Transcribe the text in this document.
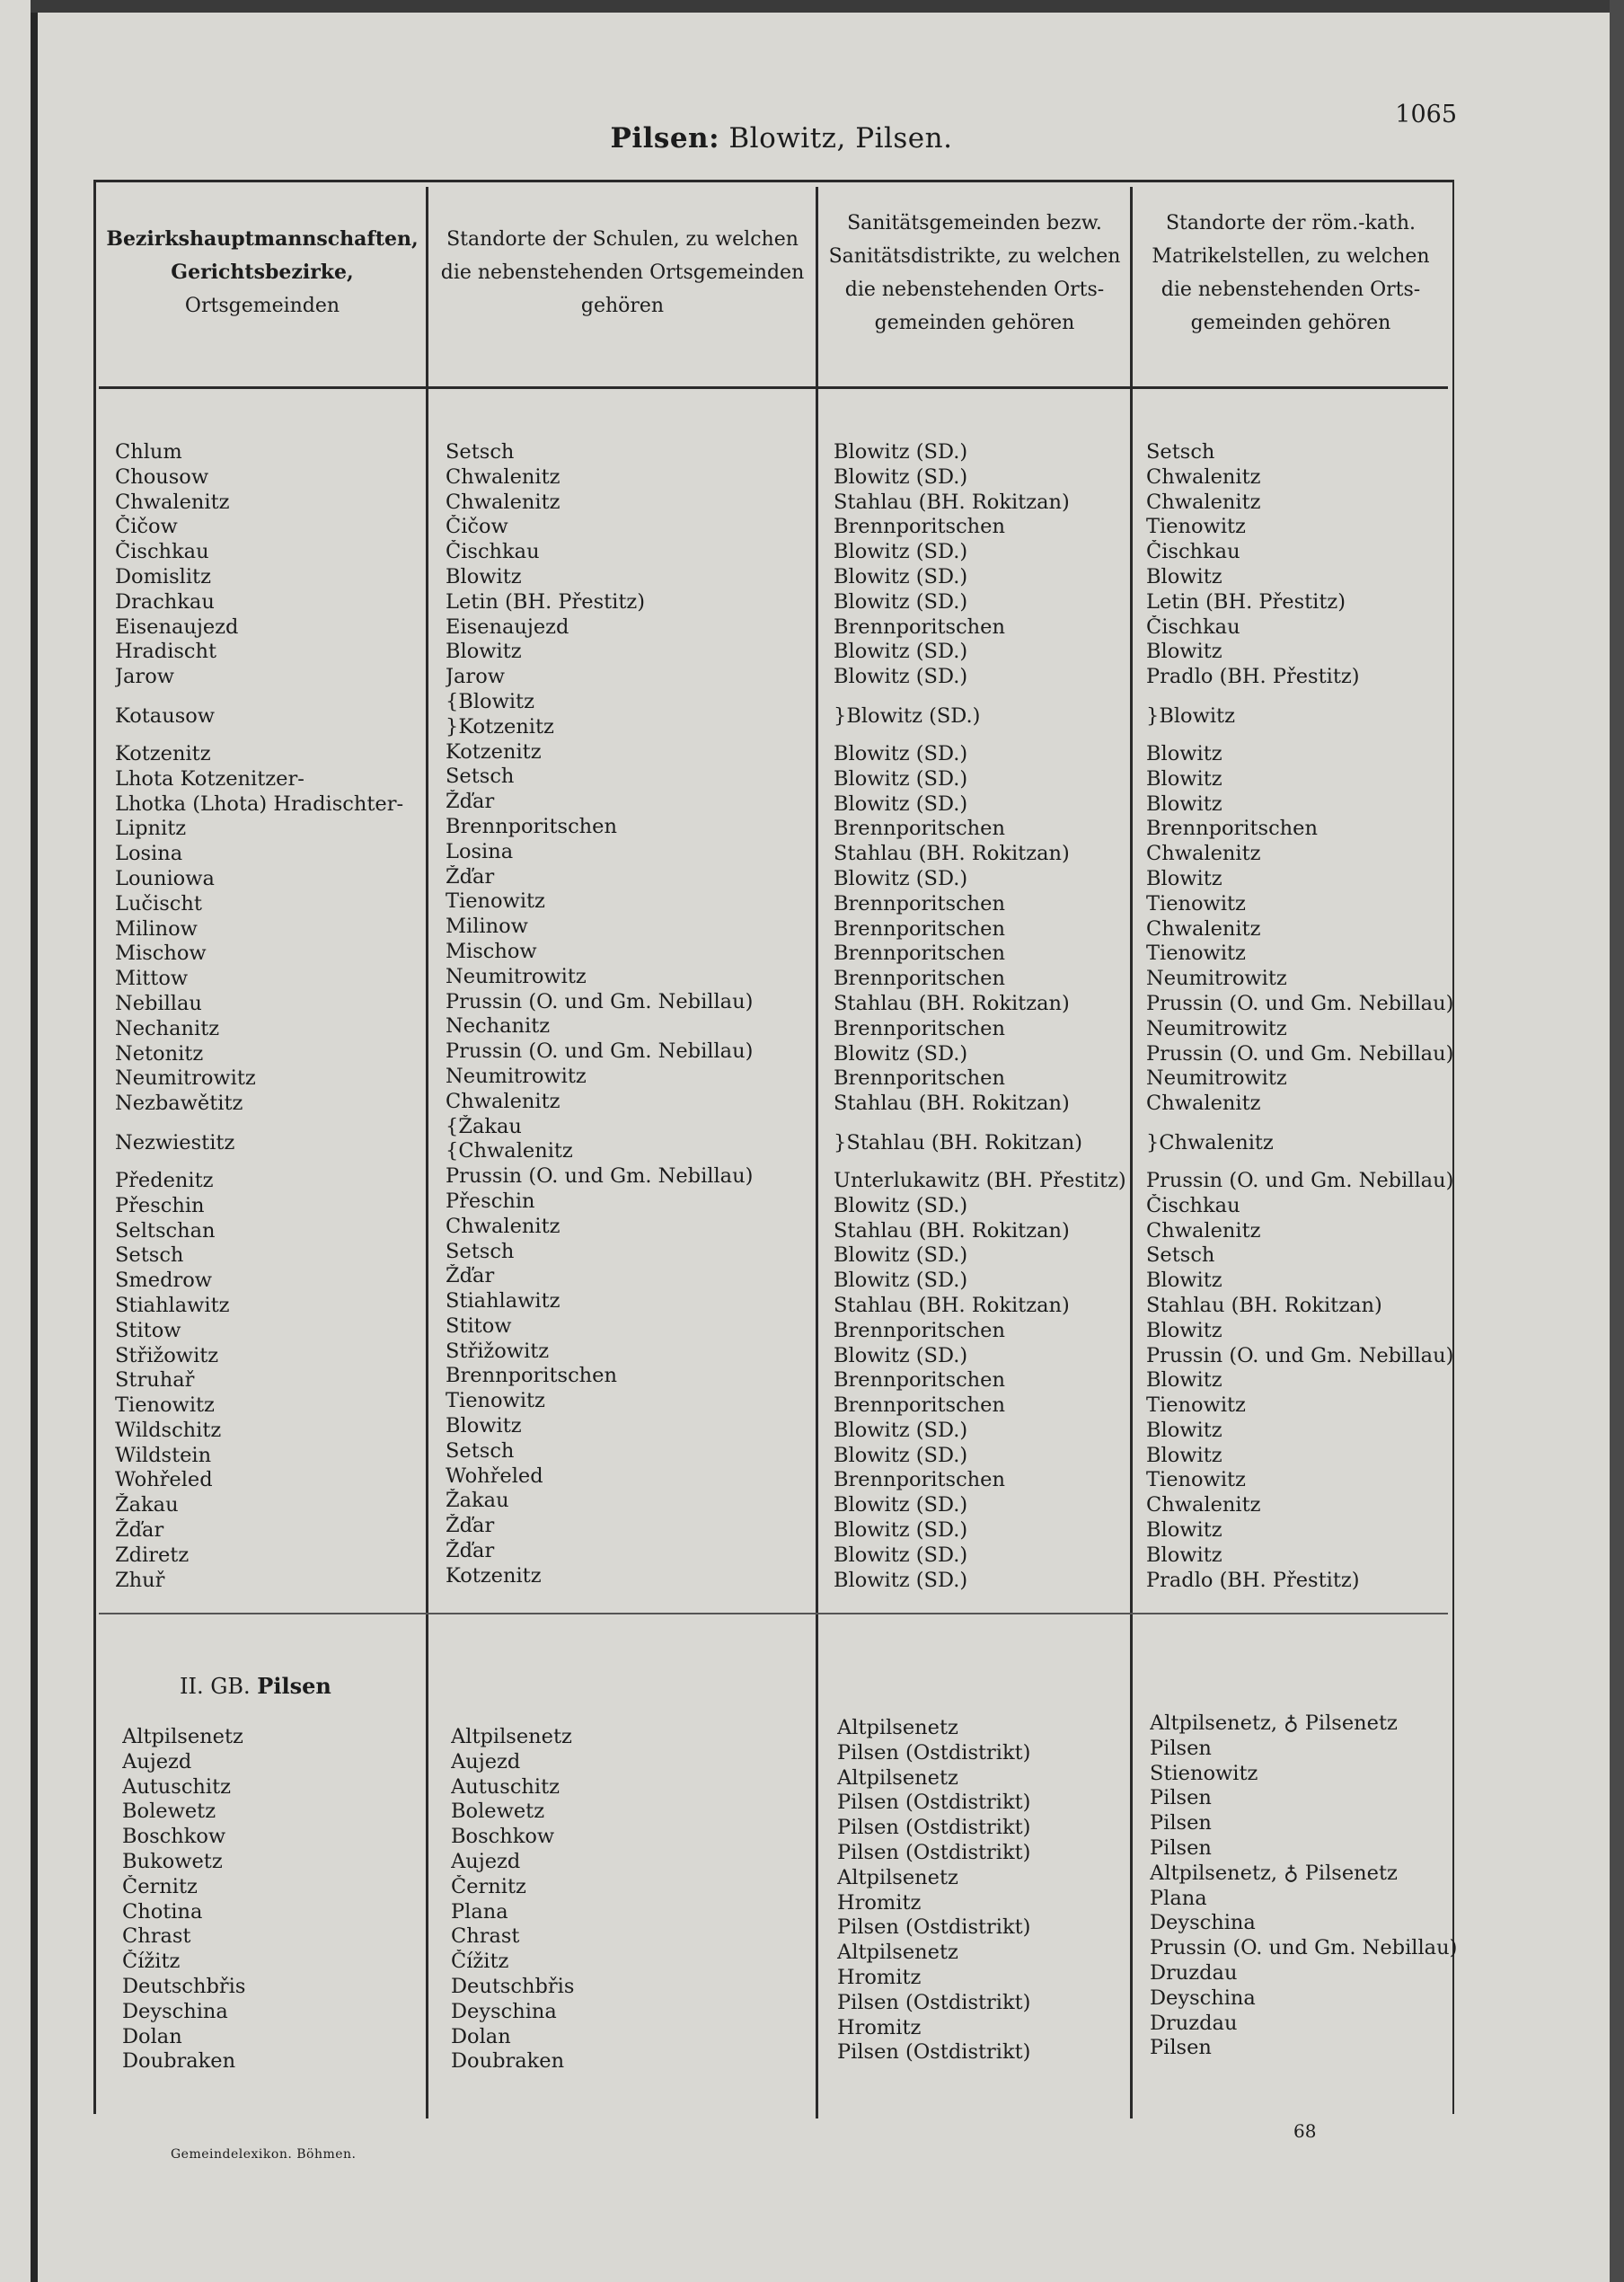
Pilsen: Blowitz, Pilsen.
1065
Bezirkshauptmannschaften,
Gerichtsbezirke,
Ortsgemeinden
Standorte der Schulen, zu welchen
die nebenstehenden Ortsgemeinden
gehören
Sanitätsgemeinden bezw.
Sanitätsdistrikte, zu welchen
die nebenstehenden Orts-
gemeinden gehören
Standorte der röm.-kath.
Matrikelstellen, zu welchen
die nebenstehenden Orts-
gemeinden gehören
Chlum
Chousow
Chwalenitz
Čičow
Čischkau
Domislitz
Drachkau
Eisenaujezd
Hradischt
Jarow
Kotausow
Kotzenitz
Lhota Kotzenitzer-
Lhotka (Lhota) Hradischter-
Lipnitz
Losina
Louniowa
Lučischt
Milinow
Mischow
Mittow
Nebillau
Nechanitz
Netonitz
Neumitrowitz
Nezbawětitz
Nezwiestitz
Předenitz
Přeschin
Seltschan
Setsch
Smedrow
Stiahlawitz
Stitow
Střižowitz
Struhař
Tienowitz
Wildschitz
Wildstein
Wohřeled
Žakau
Žďar
Zdiretz
Zhuř
Setsch
Chwalenitz
Chwalenitz
Čičow
Čischkau
Blowitz
Letin (BH. Přestitz)
Eisenaujezd
Blowitz
Jarow
{Blowitz
}Kotzenitz
Kotzenitz
Setsch
Žďar
Brennporitschen
Losina
Žďar
Tienowitz
Milinow
Mischow
Neumitrowitz
Prussin (O. und Gm. Nebillau)
Nechanitz
Prussin (O. und Gm. Nebillau)
Neumitrowitz
Chwalenitz
{Žakau
{Chwalenitz
Prussin (O. und Gm. Nebillau)
Přeschin
Chwalenitz
Setsch
Žďar
Stiahlawitz
Stitow
Střižowitz
Brennporitschen
Tienowitz
Blowitz
Setsch
Wohřeled
Žakau
Žďar
Žďar
Kotzenitz
Blowitz (SD.)
Blowitz (SD.)
Stahlau (BH. Rokitzan)
Brennporitschen
Blowitz (SD.)
Blowitz (SD.)
Blowitz (SD.)
Brennporitschen
Blowitz (SD.)
Blowitz (SD.)
}Blowitz (SD.)
Blowitz (SD.)
Blowitz (SD.)
Blowitz (SD.)
Brennporitschen
Stahlau (BH. Rokitzan)
Blowitz (SD.)
Brennporitschen
Brennporitschen
Brennporitschen
Brennporitschen
Stahlau (BH. Rokitzan)
Brennporitschen
Blowitz (SD.)
Brennporitschen
Stahlau (BH. Rokitzan)
}Stahlau (BH. Rokitzan)
Unterlukawitz (BH. Přestitz)
Blowitz (SD.)
Stahlau (BH. Rokitzan)
Blowitz (SD.)
Blowitz (SD.)
Stahlau (BH. Rokitzan)
Brennporitschen
Blowitz (SD.)
Brennporitschen
Brennporitschen
Blowitz (SD.)
Blowitz (SD.)
Brennporitschen
Blowitz (SD.)
Blowitz (SD.)
Blowitz (SD.)
Blowitz (SD.)
Setsch
Chwalenitz
Chwalenitz
Tienowitz
Čischkau
Blowitz
Letin (BH. Přestitz)
Čischkau
Blowitz
Pradlo (BH. Přestitz)
}Blowitz
Blowitz
Blowitz
Blowitz
Brennporitschen
Chwalenitz
Blowitz
Tienowitz
Chwalenitz
Tienowitz
Neumitrowitz
Prussin (O. und Gm. Nebillau)
Neumitrowitz
Prussin (O. und Gm. Nebillau)
Neumitrowitz
Chwalenitz
}Chwalenitz
Prussin (O. und Gm. Nebillau)
Čischkau
Chwalenitz
Setsch
Blowitz
Stahlau (BH. Rokitzan)
Blowitz
Prussin (O. und Gm. Nebillau)
Blowitz
Tienowitz
Blowitz
Blowitz
Tienowitz
Chwalenitz
Blowitz
Blowitz
Pradlo (BH. Přestitz)
II. GB. Pilsen
Altpilsenetz
Aujezd
Autuschitz
Bolewetz
Boschkow
Bukowetz
Černitz
Chotina
Chrast
Čížitz
Deutschbřis
Deyschina
Dolan
Doubraken
Altpilsenetz
Aujezd
Autuschitz
Bolewetz
Boschkow
Aujezd
Černitz
Plana
Chrast
Čížitz
Deutschbřis
Deyschina
Dolan
Doubraken
Altpilsenetz
Pilsen (Ostdistrikt)
Altpilsenetz
Pilsen (Ostdistrikt)
Pilsen (Ostdistrikt)
Pilsen (Ostdistrikt)
Altpilsenetz
Hromitz
Pilsen (Ostdistrikt)
Altpilsenetz
Hromitz
Pilsen (Ostdistrikt)
Hromitz
Pilsen (Ostdistrikt)
Altpilsenetz, ♁ Pilsenetz
Pilsen
Stienowitz
Pilsen
Pilsen
Pilsen
Altpilsenetz, ♁ Pilsenetz
Plana
Deyschina
Prussin (O. und Gm. Nebillau)
Druzdau
Deyschina
Druzdau
Pilsen
Gemeindelexikon. Böhmen.
68
